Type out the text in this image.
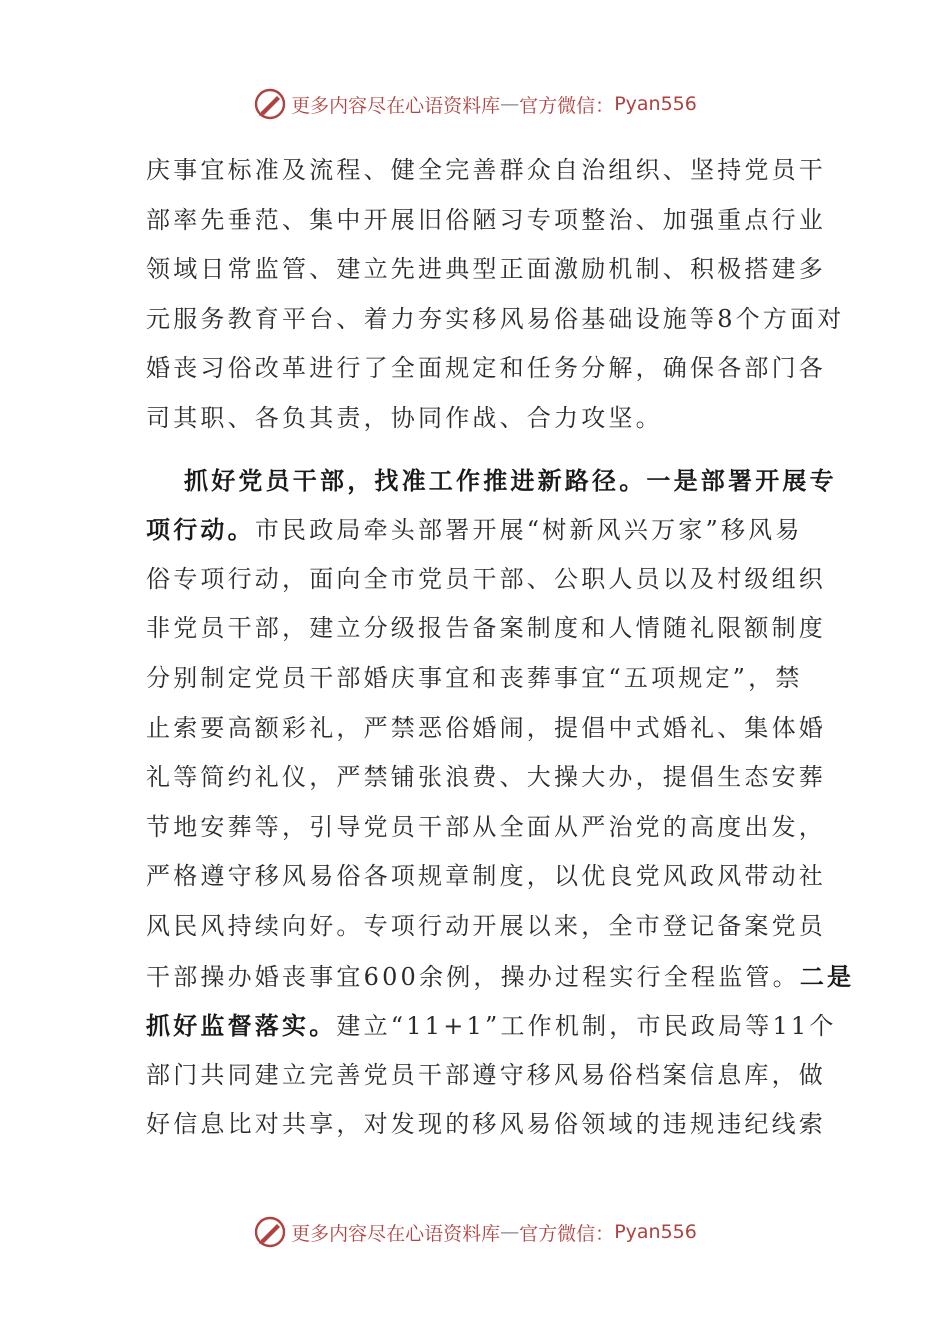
更多内容尽在心语资料库 — 官方微信： Pyan556
庆事宜标准及流程、健全完善群众自治组织、坚持党员干
部率先垂范、集中开展旧俗陋习专项整治、加强重点行业
领域日常监管、建立先进典型正面激励机制、积极搭建多
元服务教育平台、着力夯实移风易俗基础设施等8个方面对
婚丧习俗改革进行了全面规定和任务分解，确保各部门各
司其职、各负其责，协同作战、合力攻坚。
抓好党员干部，找准工作推进新路径。一是部署开展专
项行动。市民政局牵头部署开展“树新风兴万家”移风易
俗专项行动，面向全市党员干部、公职人员以及村级组织
非党员干部，建立分级报告备案制度和人情随礼限额制度
分别制定党员干部婚庆事宜和丧葬事宜“五项规定”，禁
止索要高额彩礼，严禁恶俗婚闹，提倡中式婚礼、集体婚
礼等简约礼仪，严禁铺张浪费、大操大办，提倡生态安葬
节地安葬等，引导党员干部从全面从严治党的高度出发，
严格遵守移风易俗各项规章制度，以优良党风政风带动社
风民风持续向好。专项行动开展以来，全市登记备案党员
干部操办婚丧事宜600余例，操办过程实行全程监管。二是
抓好监督落实。建立“11+1”工作机制，市民政局等11个
部门共同建立完善党员干部遵守移风易俗档案信息库，做
好信息比对共享，对发现的移风易俗领域的违规违纪线索
更多内容尽在心语资料库 — 官方微信： Pyan556
